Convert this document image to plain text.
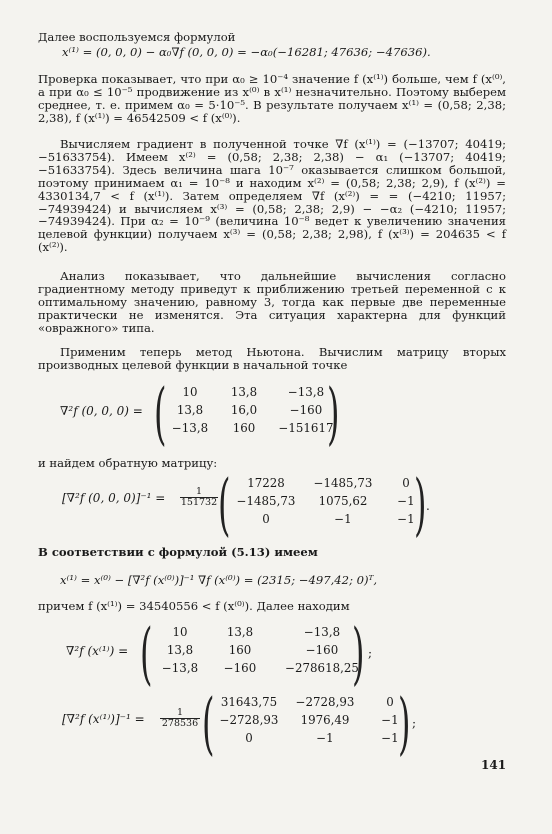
Далее воспользуемся формулой
x⁽¹⁾ = (0, 0, 0) − α₀∇f (0, 0, 0) = −α₀(−16281; 47636; −47636).
Проверка показывает, что при α₀ ≥ 10⁻⁴ значение f (x⁽¹⁾) больше, чем f (x⁽⁰⁾, а при α₀ ≤ 10⁻⁵ продвижение из x⁽⁰⁾ в x⁽¹⁾ незначительно. Поэтому выберем среднее, т. е. примем α₀ = 5·10⁻⁵. В результате получаем x⁽¹⁾ = (0,58; 2,38; 2,38), f (x⁽¹⁾) = 46542509 < f (x⁽⁰⁾).
Вычисляем градиент в полученной точке ∇f (x⁽¹⁾) = (−13707; 40419; −51633754). Имеем x⁽²⁾ = (0,58; 2,38; 2,38) − α₁ (−13707; 40419; −51633754). Здесь величина шага 10⁻⁷ оказывается слишком большой, поэтому принимаем α₁ = 10⁻⁸ и находим x⁽²⁾ = (0,58; 2,38; 2,9), f (x⁽²⁾) = 4330134,7 < f (x⁽¹⁾). Затем определяем ∇f (x⁽²⁾) = = (−4210; 11957; −74939424) и вычисляем x⁽³⁾ = (0,58; 2,38; 2,9) − −α₂ (−4210; 11957; −74939424). При α₂ = 10⁻⁹ (величина 10⁻⁸ ведет к увеличению значения целевой функции) получаем x⁽³⁾ = (0,58; 2,38; 2,98), f (x⁽³⁾) = 204635 < f (x⁽²⁾).
Анализ показывает, что дальнейшие вычисления согласно градиентному методу приведут к приближению третьей переменной c к оптимальному значению, равному 3, тогда как первые две переменные практически не изменятся. Эта ситуация характерна для функций «овражного» типа.
Применим теперь метод Ньютона. Вычислим матрицу вторых производных целевой функции в начальной точке
∇²f (0, 0, 0) = (	10	13,8	−13,8
13,8	16,0	−160
−13,8	160	−151617
)
и найдем обратную матрицу:
[∇²f (0, 0, $0)]^{-1} = \frac{1}{151732}$ (	17228	−1485,73	0
−1485,73	1075,62	−1
0	−1	−1 ) .
В соответствии с формулой (5.13) имеем
x⁽¹⁾ = x⁽⁰⁾ − [∇²f (x⁽⁰⁾)]⁻¹ ∇f (x⁽⁰⁾) = (2315; −497,42; 0)ᵀ,
причем f (x⁽¹⁾) = 34540556 < f (x⁽⁰⁾). Далее находим
∇²f (x⁽¹⁾) = (	10	13,8	−13,8
13,8	160	−160
−13,8	−160	−278618,25
) ;
[∇²f $(x^{(1)})]^{-1} = \frac{1}{278536}$ ( 31643,75	−2728,93	0
−2728,93	1976,49	−1
0	−1	−1 ) ;
141
